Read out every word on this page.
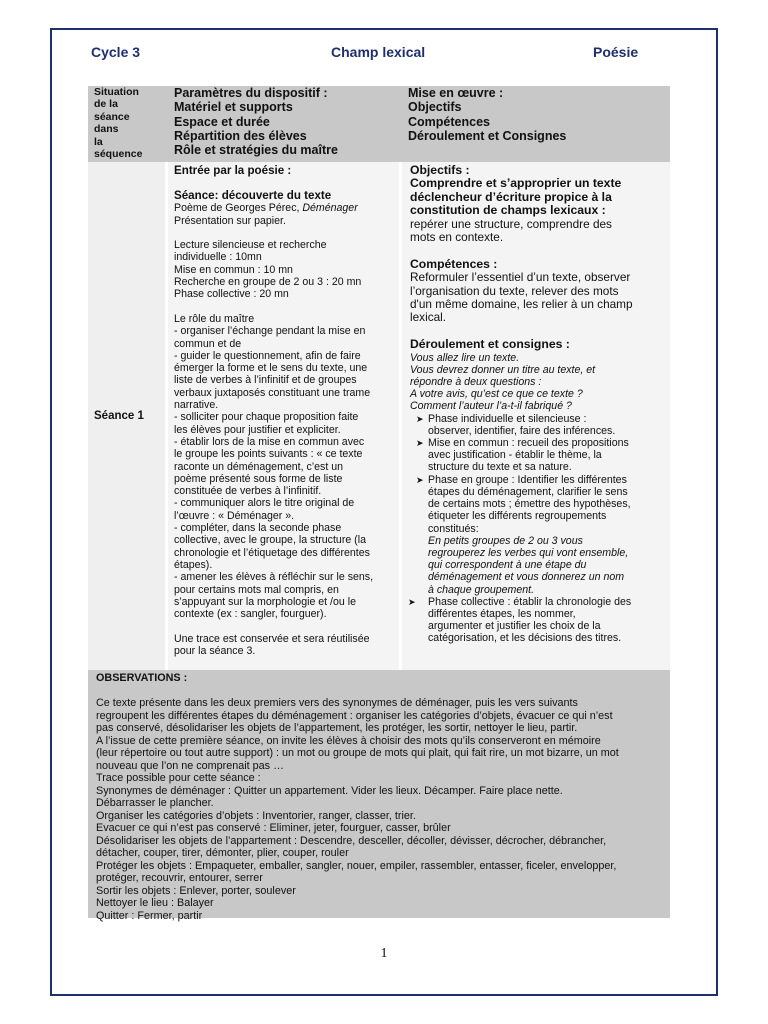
Cycle 3	Champ lexical	Poésie
Situation
de la
séance
dans
la
séquence
Paramètres du dispositif :
Matériel et supports
Espace et durée
Répartition des élèves
Rôle et stratégies du maître
Mise en œuvre :
Objectifs
Compétences
Déroulement et Consignes
Séance 1
Entrée par la poésie :
Séance: découverte du texte
Poème de Georges Pérec, Déménager
Présentation sur papier.
Lecture silencieuse et recherche
individuelle : 10mn
Mise en commun : 10 mn
Recherche en groupe de 2 ou 3 : 20 mn
Phase collective : 20 mn
Le rôle du maître
- organiser l’échange pendant la mise en
commun et de
- guider le questionnement, afin de faire
émerger la forme et le sens du texte, une
liste de verbes à l’infinitif et de groupes
verbaux juxtaposés constituant une trame
narrative.
- solliciter pour chaque proposition faite
les élèves pour justifier et expliciter.
- établir lors de la mise en commun avec
le groupe les points suivants : « ce texte
raconte un déménagement, c’est un
poème présenté sous forme de liste
constituée de verbes à l’infinitif.
- communiquer alors le titre original de
l’œuvre : « Déménager ».
- compléter, dans la seconde phase
collective, avec le groupe, la structure (la
chronologie et l’étiquetage des différentes
étapes).
- amener les élèves à réfléchir sur le sens,
pour certains mots mal compris, en
s’appuyant sur la morphologie et /ou le
contexte (ex : sangler, fourguer).
Une trace est conservée et sera réutilisée
pour la séance 3.
Objectifs :
Comprendre et s’approprier un texte
déclencheur d’écriture propice à la
constitution de champs lexicaux :
repérer une structure, comprendre des
mots en contexte.
Compétences :
Reformuler l’essentiel d’un texte, observer
l’organisation du texte, relever des mots
d'un même domaine, les relier à un champ
lexical.
Déroulement et consignes :
Vous allez lire un texte.
Vous devrez donner un titre au texte, et
répondre à deux questions :
A votre avis, qu’est ce que ce texte ?
Comment l’auteur l’a-t-il fabriqué ?
➤ Phase individuelle et silencieuse :
observer, identifier, faire des inférences.
➤ Mise en commun : recueil des propositions
avec justification - établir le thème, la
structure du texte et sa nature.
➤ Phase en groupe : Identifier les différentes
étapes du déménagement, clarifier le sens
de certains mots ; émettre des hypothèses,
étiqueter les différents regroupements
constitués:
En petits groupes de 2 ou 3 vous
regrouperez les verbes qui vont ensemble,
qui correspondent à une étape du
déménagement et vous donnerez un nom
à chaque groupement.
➤ Phase collective : établir la chronologie des
différentes étapes, les nommer,
argumenter et justifier les choix de la
catégorisation, et les décisions des titres.
OBSERVATIONS :
Ce texte présente dans les deux premiers vers des synonymes de déménager, puis les vers suivants
regroupent les différentes étapes du déménagement : organiser les catégories d’objets, évacuer ce qui n’est
pas conservé, désolidariser les objets de l’appartement, les protéger, les sortir, nettoyer le lieu, partir.
A l’issue de cette première séance, on invite les élèves à choisir des mots qu’ils conserveront en mémoire
(leur répertoire ou tout autre support) : un mot ou groupe de mots qui plait, qui fait rire, un mot bizarre, un mot
nouveau que l’on ne comprenait pas …
Trace possible pour cette séance :
Synonymes de déménager : Quitter un appartement. Vider les lieux. Décamper. Faire place nette.
Débarrasser le plancher.
Organiser les catégories d’objets : Inventorier, ranger, classer, trier.
Evacuer ce qui n’est pas conservé : Eliminer, jeter, fourguer, casser, brûler
Désolidariser les objets de l’appartement : Descendre, desceller, décoller, dévisser, décrocher, débrancher,
détacher, couper, tirer, démonter, plier, couper, rouler
Protéger les objets : Empaqueter, emballer, sangler, nouer, empiler, rassembler, entasser, ficeler, envelopper,
protéger, recouvrir, entourer, serrer
Sortir les objets : Enlever, porter, soulever
Nettoyer le lieu : Balayer
Quitter : Fermer, partir
1
